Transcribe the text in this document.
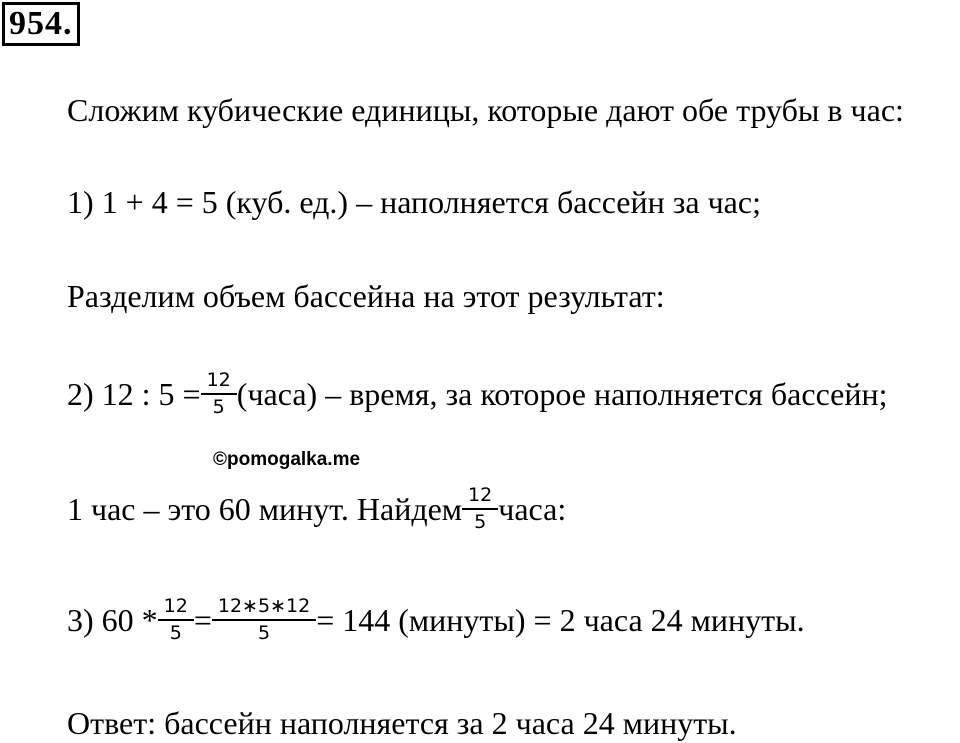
954.
Сложим кубические единицы, которые дают обе трубы в час:
1) 1 + 4 = 5 (куб. ед.) – наполняется бассейн за час;
Разделим объем бассейна на этот результат:
2) 12 : $5 = \frac{12}{5}$ (часа) – время, за которое наполняется бассейн;
©pomogalka.me
1 час – это 60 минут. Найдем $\frac{12}{5}$ часа:
3) $60 * \frac{12}{5} = \frac{12∗5∗12}{5} = 144$ (минуты) = 2 часа 24 минуты.
Ответ: бассейн наполняется за 2 часа 24 минуты.
